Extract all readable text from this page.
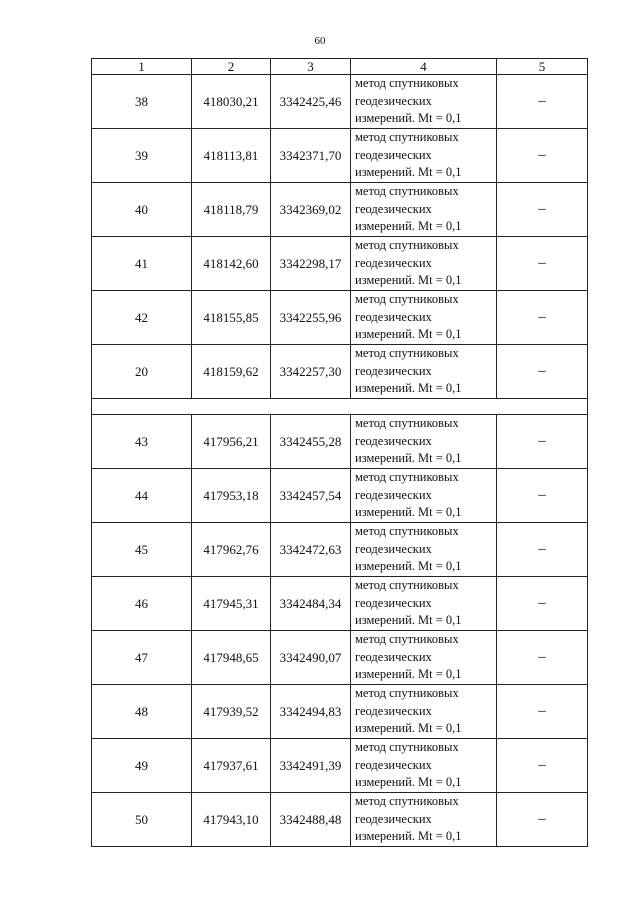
60
1	2	3	4	5
38	418030,21	3342425,46	метод спутниковых
геодезических
измерений. Mt = 0,1	–
39	418113,81	3342371,70	метод спутниковых
геодезических
измерений. Mt = 0,1	–
40	418118,79	3342369,02	метод спутниковых
геодезических
измерений. Mt = 0,1	–
41	418142,60	3342298,17	метод спутниковых
геодезических
измерений. Mt = 0,1	–
42	418155,85	3342255,96	метод спутниковых
геодезических
измерений. Mt = 0,1	–
20	418159,62	3342257,30	метод спутниковых
геодезических
измерений. Mt = 0,1	–

43	417956,21	3342455,28	метод спутниковых
геодезических
измерений. Mt = 0,1	–
44	417953,18	3342457,54	метод спутниковых
геодезических
измерений. Mt = 0,1	–
45	417962,76	3342472,63	метод спутниковых
геодезических
измерений. Mt = 0,1	–
46	417945,31	3342484,34	метод спутниковых
геодезических
измерений. Mt = 0,1	–
47	417948,65	3342490,07	метод спутниковых
геодезических
измерений. Mt = 0,1	–
48	417939,52	3342494,83	метод спутниковых
геодезических
измерений. Mt = 0,1	–
49	417937,61	3342491,39	метод спутниковых
геодезических
измерений. Mt = 0,1	–
50	417943,10	3342488,48	метод спутниковых
геодезических
измерений. Mt = 0,1	–
